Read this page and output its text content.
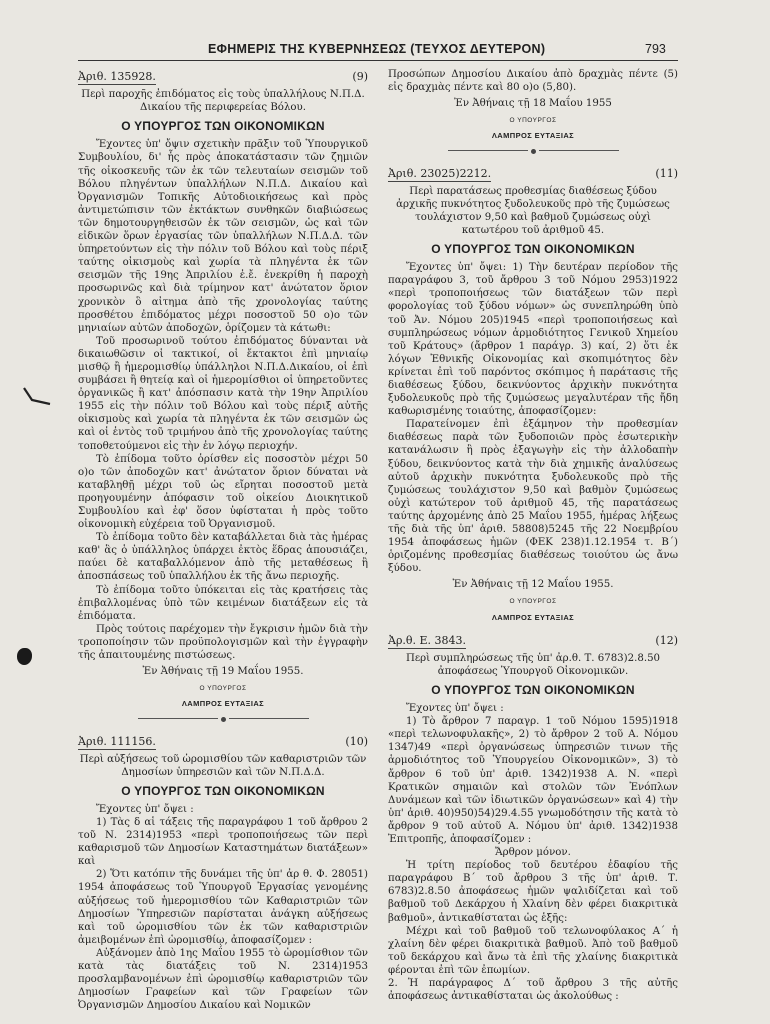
ΕΦΗΜΕΡΙΣ ΤΗΣ ΚΥΒΕΡΝΗΣΕΩΣ (ΤΕΥΧΟΣ ΔΕΥΤΕΡΟΝ)	793
Ἀριθ. 135928.	(9)
Περὶ παροχῆς ἐπιδόματος εἰς τοὺς ὑπαλλήλους Ν.Π.Δ. Δικαίου τῆς περιφερείας Βόλου.
Ο ΥΠΟΥΡΓΟΣ ΤΩΝ ΟΙΚΟΝΟΜΙΚΩΝ

Ἔχοντες ὑπ' ὄψιν σχετικὴν πρᾶξιν τοῦ Ὑπουργικοῦ Συμβουλίου, δι' ἧς πρὸς ἀποκατάστασιν τῶν ζημιῶν τῆς οἰκοσκευῆς τῶν ἐκ τῶν τελευταίων σεισμῶν τοῦ Βόλου πληγέντων ὑπαλλήλων Ν.Π.Δ. Δικαίου καὶ Ὀργανισμῶν Τοπικῆς Αὐτοδιοικήσεως καὶ πρὸς ἀντιμετώπισιν τῶν ἐκτάκτων συνθηκῶν διαβιώσεως τῶν δημοτουργηθεισῶν ἐκ τῶν σεισμῶν, ὡς καὶ τῶν εἰδικῶν ὅρων ἐργασίας τῶν ὑπαλλήλων Ν.Π.Δ.Δ. τῶν ὑπηρετούντων εἰς τὴν πόλιν τοῦ Βόλου καὶ τοὺς πέριξ ταύτης οἰκισμοὺς καὶ χωρία τὰ πληγέντα ἐκ τῶν σεισμῶν τῆς 19ης Ἀπριλίου ἐ.ἔ. ἐνεκρίθη ἡ παροχὴ προσωρινῶς καὶ διὰ τρίμηνον κατ' ἀνώτατον ὅριον χρονικὸν ὃ αἰτημα ἀπὸ τῆς χρονολογίας ταύτης προσθέτου ἐπιδόματος μέχρι ποσοστοῦ 50 ο)ο τῶν μηνιαίων αὐτῶν ἀποδοχῶν, ὁρίζομεν τὰ κάτωθι:

Τοῦ προσωρινοῦ τούτου ἐπιδόματος δύνανται νὰ δικαιωθῶσιν οἱ τακτικοί, οἱ ἔκτακτοι ἐπὶ μηνιαίῳ μισθῷ ἢ ἡμερομισθίῳ ὑπάλληλοι Ν.Π.Δ.Δικαίου, οἱ ἐπὶ συμβάσει ἢ θητείᾳ καὶ οἱ ἡμερομίσθιοι οἱ ὑπηρετοῦντες ὀργανικῶς ἢ κατ' ἀπόσπασιν κατὰ τὴν 19ην Ἀπριλίου 1955 εἰς τὴν πόλιν τοῦ Βόλου καὶ τοὺς πέριξ αὐτῆς οἰκισμοὺς καὶ χωρία τὰ πληγέντα ἐκ τῶν σεισμῶν ὡς καὶ οἱ ἐντὸς τοῦ τριμήνου ἀπὸ τῆς χρονολογίας ταύτης τοποθετούμενοι εἰς τὴν ἐν λόγῳ περιοχήν.

Τὸ ἐπίδομα τοῦτο ὁρίσθεν εἰς ποσοστὸν μέχρι 50 ο)ο τῶν ἀποδοχῶν κατ' ἀνώτατον ὅριον δύναται νὰ καταβληθῇ μέχρι τοῦ ὡς εἴρηται ποσοστοῦ μετὰ προηγουμένην ἀπόφασιν τοῦ οἰκείου Διοικητικοῦ Συμβουλίου καὶ ἐφ' ὅσον ὑφίσταται ἡ πρὸς τοῦτο οἰκονομικὴ εὐχέρεια τοῦ Ὀργανισμοῦ.

Τὸ ἐπίδομα τοῦτο δὲν καταβάλλεται διὰ τὰς ἡμέρας καθ' ἃς ὁ ὑπάλληλος ὑπάρχει ἐκτὸς ἕδρας ἀπουσιάζει, παύει δὲ καταβαλλόμενον ἀπὸ τῆς μεταθέσεως ἢ ἀποσπάσεως τοῦ ὑπαλλήλου ἐκ τῆς ἄνω περιοχῆς.

Τὸ ἐπίδομα τοῦτο ὑπόκειται εἰς τὰς κρατήσεις τὰς ἐπιβαλλομένας ὑπὸ τῶν κειμένων διατάξεων εἰς τὰ ἐπιδόματα.

Πρὸς τούτοις παρέχομεν τὴν ἔγκρισιν ἡμῶν διὰ τὴν τροποποίησιν τῶν προϋπολογισμῶν καὶ τὴν ἐγγραφὴν τῆς ἀπαιτουμένης πιστώσεως.

Ἐν Ἀθήναις τῇ 19 Μαΐου 1955.
Ο ΥΠΟΥΡΓΟΣ
ΛΑΜΠΡΟΣ ΕΥΤΑΞΙΑΣ
Ἀριθ. 111156.	(10)
Περὶ αὐξήσεως τοῦ ὡρομισθίου τῶν καθαριστριῶν τῶν Δημοσίων ὑπηρεσιῶν καὶ τῶν Ν.Π.Δ.Δ.
Ο ΥΠΟΥΡΓΟΣ ΤΩΝ ΟΙΚΟΝΟΜΙΚΩΝ

Ἔχοντες ὑπ' ὄψει :

1) Τὰς δ αἱ τάξεις τῆς παραγράφου 1 τοῦ ἄρθρου 2 τοῦ Ν. 2314)1953 «περὶ τροποποιήσεως τῶν περὶ καθαρισμοῦ τῶν Δημοσίων Καταστημάτων διατάξεων» καὶ

2) Ὅτι κατόπιν τῆς δυνάμει τῆς ὑπ' ἀρ θ. Φ. 28051) 1954 ἀποφάσεως τοῦ Ὑπουργοῦ Ἐργασίας γενομένης αὐξήσεως τοῦ ἡμερομισθίου τῶν Καθαριστριῶν τῶν Δημοσίων Ὑπηρεσιῶν παρίσταται ἀνάγκη αὐξήσεως καὶ τοῦ ὡρομισθίου τῶν ἐκ τῶν καθαριστριῶν ἀμειβομένων ἐπὶ ὡρομισθίῳ, ἀποφασίζομεν :

Αὐξάνομεν ἀπὸ 1ης Μαΐου 1955 τὸ ὡρομίσθιον τῶν κατὰ τὰς διατάξεις τοῦ Ν. 2314)1953 προσλαμβανομένων ἐπὶ ὡρομισθίῳ καθαριστριῶν τῶν Δημοσίων Γραφείων καὶ τῶν Γραφείων τῶν Ὀργανισμῶν Δημοσίου Δικαίου καὶ Νομικῶν

Προσώπων Δημοσίου Δικαίου ἀπὸ δραχμὰς πέντε (5) εἰς δραχμὰς πέντε καὶ 80 ο)ο (5,80).

Ἐν Ἀθήναις τῇ 18 Μαΐου 1955
Ο ΥΠΟΥΡΓΟΣ
ΛΑΜΠΡΟΣ ΕΥΤΑΞΙΑΣ
Ἀριθ. 23025)2212.	(11)
Περὶ παρατάσεως προθεσμίας διαθέσεως ξύδου ἀρχικῆς πυκνότητος ξυδολευκοῦς πρὸ τῆς ζυμώσεως τουλάχιστον 9,50 καὶ βαθμοῦ ζυμώσεως οὐχὶ κατωτέρου τοῦ ἀριθμοῦ 45.
Ο ΥΠΟΥΡΓΟΣ ΤΩΝ ΟΙΚΟΝΟΜΙΚΩΝ

Ἔχοντες ὑπ' ὄψει: 1) Τὴν δευτέραν περίοδον τῆς παραγράφου 3, τοῦ ἄρθρου 3 τοῦ Νόμου 2953)1922 «περὶ τροποποιήσεως τῶν διατάξεων τῶν περὶ φορολογίας τοῦ ξύδου νόμων» ὡς συνεπληρώθη ὑπὸ τοῦ Ἀν. Νόμου 205)1945 «περὶ τροποποιήσεως καὶ συμπληρώσεως νόμων ἁρμοδιότητος Γενικοῦ Χημείου τοῦ Κράτους» (ἄρθρον 1 παράγρ. 3) καί, 2) ὅτι ἐκ λόγων Ἐθνικῆς Οἰκονομίας καὶ σκοπιμότητος δὲν κρίνεται ἐπὶ τοῦ παρόντος σκόπιμος ἡ παράτασις τῆς διαθέσεως ξύδου, δεικνύοντος ἀρχικὴν πυκνότητα ξυδολευκοῦς πρὸ τῆς ζυμώσεως μεγαλυτέραν τῆς ἤδη καθωρισμένης τοιαύτης, ἀποφασίζομεν:

Παρατείνομεν ἐπὶ ἑξάμηνον τὴν προθεσμίαν διαθέσεως παρὰ τῶν ξυδοποιῶν πρὸς ἐσωτερικὴν κατανάλωσιν ἢ πρὸς ἐξαγωγὴν εἰς τὴν ἀλλοδαπὴν ξύδου, δεικνύοντος κατὰ τὴν διὰ χημικῆς ἀναλύσεως αὐτοῦ ἀρχικὴν πυκνότητα ξυδολευκοῦς πρὸ τῆς ζυμώσεως τουλάχιστον 9,50 καὶ βαθμὸν ζυμώσεως οὐχὶ κατώτερον τοῦ ἀριθμοῦ 45, τῆς παρατάσεως ταύτης ἀρχομένης ἀπὸ 25 Μαΐου 1955, ἡμέρας λήξεως τῆς διὰ τῆς ὑπ' ἀριθ. 58808)5245 τῆς 22 Νοεμβρίου 1954 ἀποφάσεως ἡμῶν (ΦΕΚ 238)1.12.1954 τ. Β΄) ὁριζομένης προθεσμίας διαθέσεως τοιούτου ὡς ἄνω ξύδου.

Ἐν Ἀθήναις τῇ 12 Μαΐου 1955.
Ο ΥΠΟΥΡΓΟΣ
ΛΑΜΠΡΟΣ ΕΥΤΑΞΙΑΣ
Ἀρ.θ. Ε. 3843.	(12)
Περὶ συμπληρώσεως τῆς ὑπ' ἀρ.θ. Τ. 6783)2.8.50 ἀποφάσεως Ὑπουργοῦ Οἰκονομικῶν.
Ο ΥΠΟΥΡΓΟΣ ΤΩΝ ΟΙΚΟΝΟΜΙΚΩΝ

Ἔχοντες ὑπ' ὄψει :

1) Τὸ ἄρθρον 7 παραγρ. 1 τοῦ Νόμου 1595)1918 «περὶ τελωνοφυλακῆς», 2) τὸ ἄρθρον 2 τοῦ Α. Νόμου 1347)49 «περὶ ὀργανώσεως ὑπηρεσιῶν τινων τῆς ἁρμοδιότητος τοῦ Ὑπουργείου Οἰκονομικῶν», 3) τὸ ἄρθρον 6 τοῦ ὑπ' ἀριθ. 1342)1938 Α. Ν. «περὶ Κρατικῶν σημαιῶν καὶ στολῶν τῶν Ἐνόπλων Δυνάμεων καὶ τῶν ἰδιωτικῶν ὀργανώσεων» καὶ 4) τὴν ὑπ' ἀριθ. 40)950)54)29.4.55 γνωμοδότησιν τῆς κατὰ τὸ ἄρθρον 9 τοῦ αὐτοῦ Α. Νόμου ὑπ' ἀριθ. 1342)1938 Ἐπιτροπῆς, ἀποφασίζομεν :

Ἄρθρον μόνον.

Ἡ τρίτη περίοδος τοῦ δευτέρου ἐδαφίου τῆς παραγράφου Β΄ τοῦ ἄρθρου 3 τῆς ὑπ' ἀριθ. Τ. 6783)2.8.50 ἀποφάσεως ἡμῶν ψαλιδίζεται καὶ τοῦ βαθμοῦ τοῦ Δεκάρχου ἡ Χλαίνη δὲν φέρει διακριτικὰ βαθμοῦ», ἀντικαθίσταται ὡς ἑξῆς:

Μέχρι καὶ τοῦ βαθμοῦ τοῦ τελωνοφύλακος Α΄ ἡ χλαίνη δὲν φέρει διακριτικὰ βαθμοῦ. Ἀπὸ τοῦ βαθμοῦ τοῦ δεκάρχου καὶ ἄνω τὰ ἐπὶ τῆς χλαίνης διακριτικὰ φέρονται ἐπὶ τῶν ἐπωμίων.

2. Ἡ παράγραφος Δ΄ τοῦ ἄρθρου 3 τῆς αὐτῆς ἀποφάσεως ἀντικαθίσταται ὡς ἀκολούθως :
